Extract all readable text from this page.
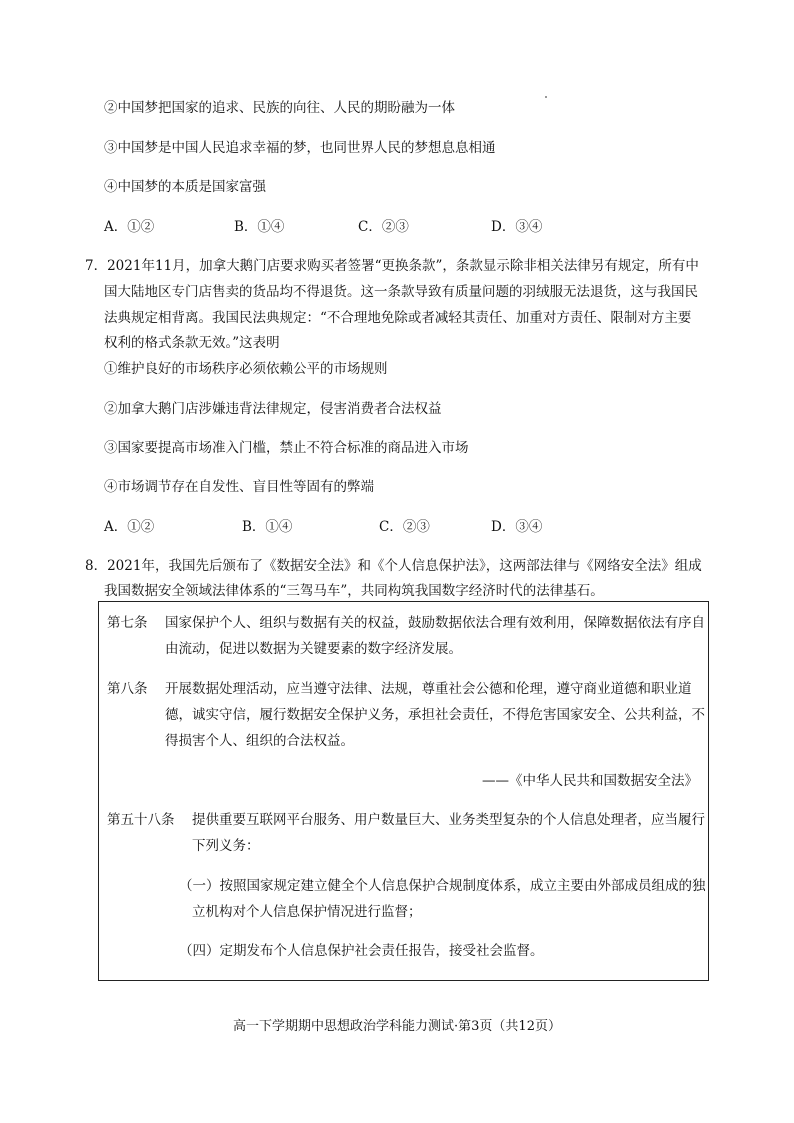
②中国梦把国家的追求、民族的向往、人民的期盼融为一体
③中国梦是中国人民追求幸福的梦，也同世界人民的梦想息息相通
④中国梦的本质是国家富强
A．①②	B．①④	C．②③	D．③④
7．2021年11月，加拿大鹅门店要求购买者签署“更换条款”，条款显示除非相关法律另有规定，所有中
国大陆地区专门店售卖的货品均不得退货。这一条款导致有质量问题的羽绒服无法退货，这与我国民
法典规定相背离。我国民法典规定：“不合理地免除或者减轻其责任、加重对方责任、限制对方主要
权利的格式条款无效。”这表明
①维护良好的市场秩序必须依赖公平的市场规则
②加拿大鹅门店涉嫌违背法律规定，侵害消费者合法权益
③国家要提高市场准入门槛，禁止不符合标准的商品进入市场
④市场调节存在自发性、盲目性等固有的弊端
A．①②	B．①④	C．②③	D．③④
8．2021年，我国先后颁布了《数据安全法》和《个人信息保护法》，这两部法律与《网络安全法》组成
我国数据安全领域法律体系的“三驾马车”，共同构筑我国数字经济时代的法律基石。
第七条 国家保护个人、组织与数据有关的权益，鼓励数据依法合理有效利用，保障数据依法有序自
由流动，促进以数据为关键要素的数字经济发展。
第八条 开展数据处理活动，应当遵守法律、法规，尊重社会公德和伦理，遵守商业道德和职业道
德，诚实守信，履行数据安全保护义务，承担社会责任，不得危害国家安全、公共利益，不
得损害个人、组织的合法权益。
——《中华人民共和国数据安全法》
第五十八条 提供重要互联网平台服务、用户数量巨大、业务类型复杂的个人信息处理者，应当履行
下列义务：
（一）按照国家规定建立健全个人信息保护合规制度体系，成立主要由外部成员组成的独
立机构对个人信息保护情况进行监督；
（四）定期发布个人信息保护社会责任报告，接受社会监督。
高一下学期期中思想政治学科能力测试·第3页（共12页）
